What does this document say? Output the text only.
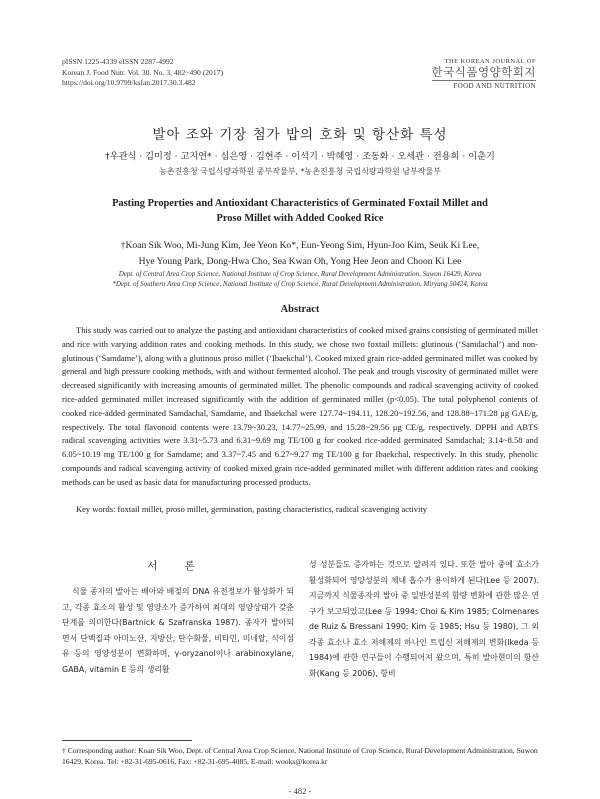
pISSN 1225-4339 eISSN 2287-4992
Korean J. Food Nutr. Vol. 30. No. 3, 482~490 (2017)
https://doi.org/10.9799/ksfan.2017.30.3.482
THE KOREAN JOURNAL OF
한국식품영양학회지
FOOD AND NUTRITION
발아 조와 기장 첨가 밥의 호화 및 항산화 특성
†우관식 · 김미정 · 고지연* · 심은영 · 김현주 · 이석기 · 박혜영 · 조동화 · 오세관 · 전용희 · 이춘기
농촌진흥청 국립식량과학원 중부작물부, *농촌진흥청 국립식량과학원 남부작물부
Pasting Properties and Antioxidant Characteristics of Germinated Foxtail Millet and
Proso Millet with Added Cooked Rice
†Koan Sik Woo, Mi-Jung Kim, Jee Yeon Ko*, Eun-Yeong Sim, Hyun-Joo Kim, Seuk Ki Lee,
Hye Young Park, Dong-Hwa Cho, Sea Kwan Oh, Yong Hee Jeon and Choon Ki Lee
Dept. of Central Area Crop Science, National Institute of Crop Science, Rural Development Administration, Suwon 16429, Korea
*Dept. of Southern Area Crop Science, National Institute of Crop Science, Rural Development Administration, Miryang 50424, Korea
Abstract
This study was carried out to analyze the pasting and antioxidant characteristics of cooked mixed grains consisting of germinated millet and rice with varying addition rates and cooking methods. In this study, we chose two foxtail millets: glutinous (‘Samdachal’) and non-glutinous (‘Samdame’), along with a glutinous proso millet (‘Ibaekchal’). Cooked mixed grain rice-added germinated millet was cooked by general and high pressure cooking methods, with and without fermented alcohol. The peak and trough viscosity of germinated millet were decreased significantly with increasing amounts of germinated millet. The phenolic compounds and radical scavenging activity of cooked rice-added germinated millet increased significantly with the addition of germinated millet (p<0.05). The total polyphenol contents of cooked rice-added germinated Samdachal, Samdame, and Ibaekchal were 127.74~194.11, 128.20~192.56, and 128.88~171.28 μg GAE/g, respectively. The total flavonoid contents were 13.79~30.23, 14.77~25.99, and 15.28~29.56 μg CE/g, respectively. DPPH and ABTS radical scavenging activities were 3.31~5.73 and 6.31~9.69 mg TE/100 g for cooked rice-added germinated Samdachal; 3.14~8.58 and 6.05~10.19 mg TE/100 g for Samdame; and 3.37~7.45 and 6.27~9.27 mg TE/100 g for Ibaekchal, respectively. In this study, phenolic compounds and radical scavenging activity of cooked mixed grain rice-added germinated millet with different addition rates and cooking methods can be used as basic data for manufacturing processed products.
Key words: foxtail millet, proso millet, germination, pasting characteristics, radical scavenging activity
서 론
식물 종자의 발아는 배아와 배젖의 DNA 유전정보가 활성화가 되고, 각종 효소의 활성 및 영양소가 증가하여 최대의 영양상태가 갖춘 단계를 의미한다(Bartnick & Szafranska 1987). 종자가 발아되면서 단백질과 아미노산, 지방산, 탄수화물, 비타민, 미네랄, 식이섬유 등의 영양성분이 변화하며, γ-oryzanol이나 arabinoxylane, GABA, vitamin E 등의 생리활
성 성분들도 증가하는 것으로 알려져 있다. 또한 발아 중에 효소가 활성화되어 영양성분의 체내 흡수가 용이하게 된다(Lee 등 2007). 지금까지 식물종자의 발아 중 일반성분의 함량 변화에 관한 많은 연구가 보고되었고(Lee 등 1994; Choi & Kim 1985; Colmenares de Ruiz & Bressani 1990; Kim 등 1985; Hsu 등 1980), 그 외 각종 효소나 효소 저해제의 하나인 트립신 저해제의 변화(Ikeda 등 1984)에 관한 연구들이 수행되어져 왔으며, 특히 발아현미의 항산화(Kang 등 2006), 항비
† Corresponding author: Koan Sik Woo, Dept. of Central Area Crop Science, National Institute of Crop Science, Rural Development Administration, Suwon 16429, Korea. Tel: +82-31-695-0616, Fax: +82-31-695-4085, E-mail: wooks@korea.kr
- 482 -
